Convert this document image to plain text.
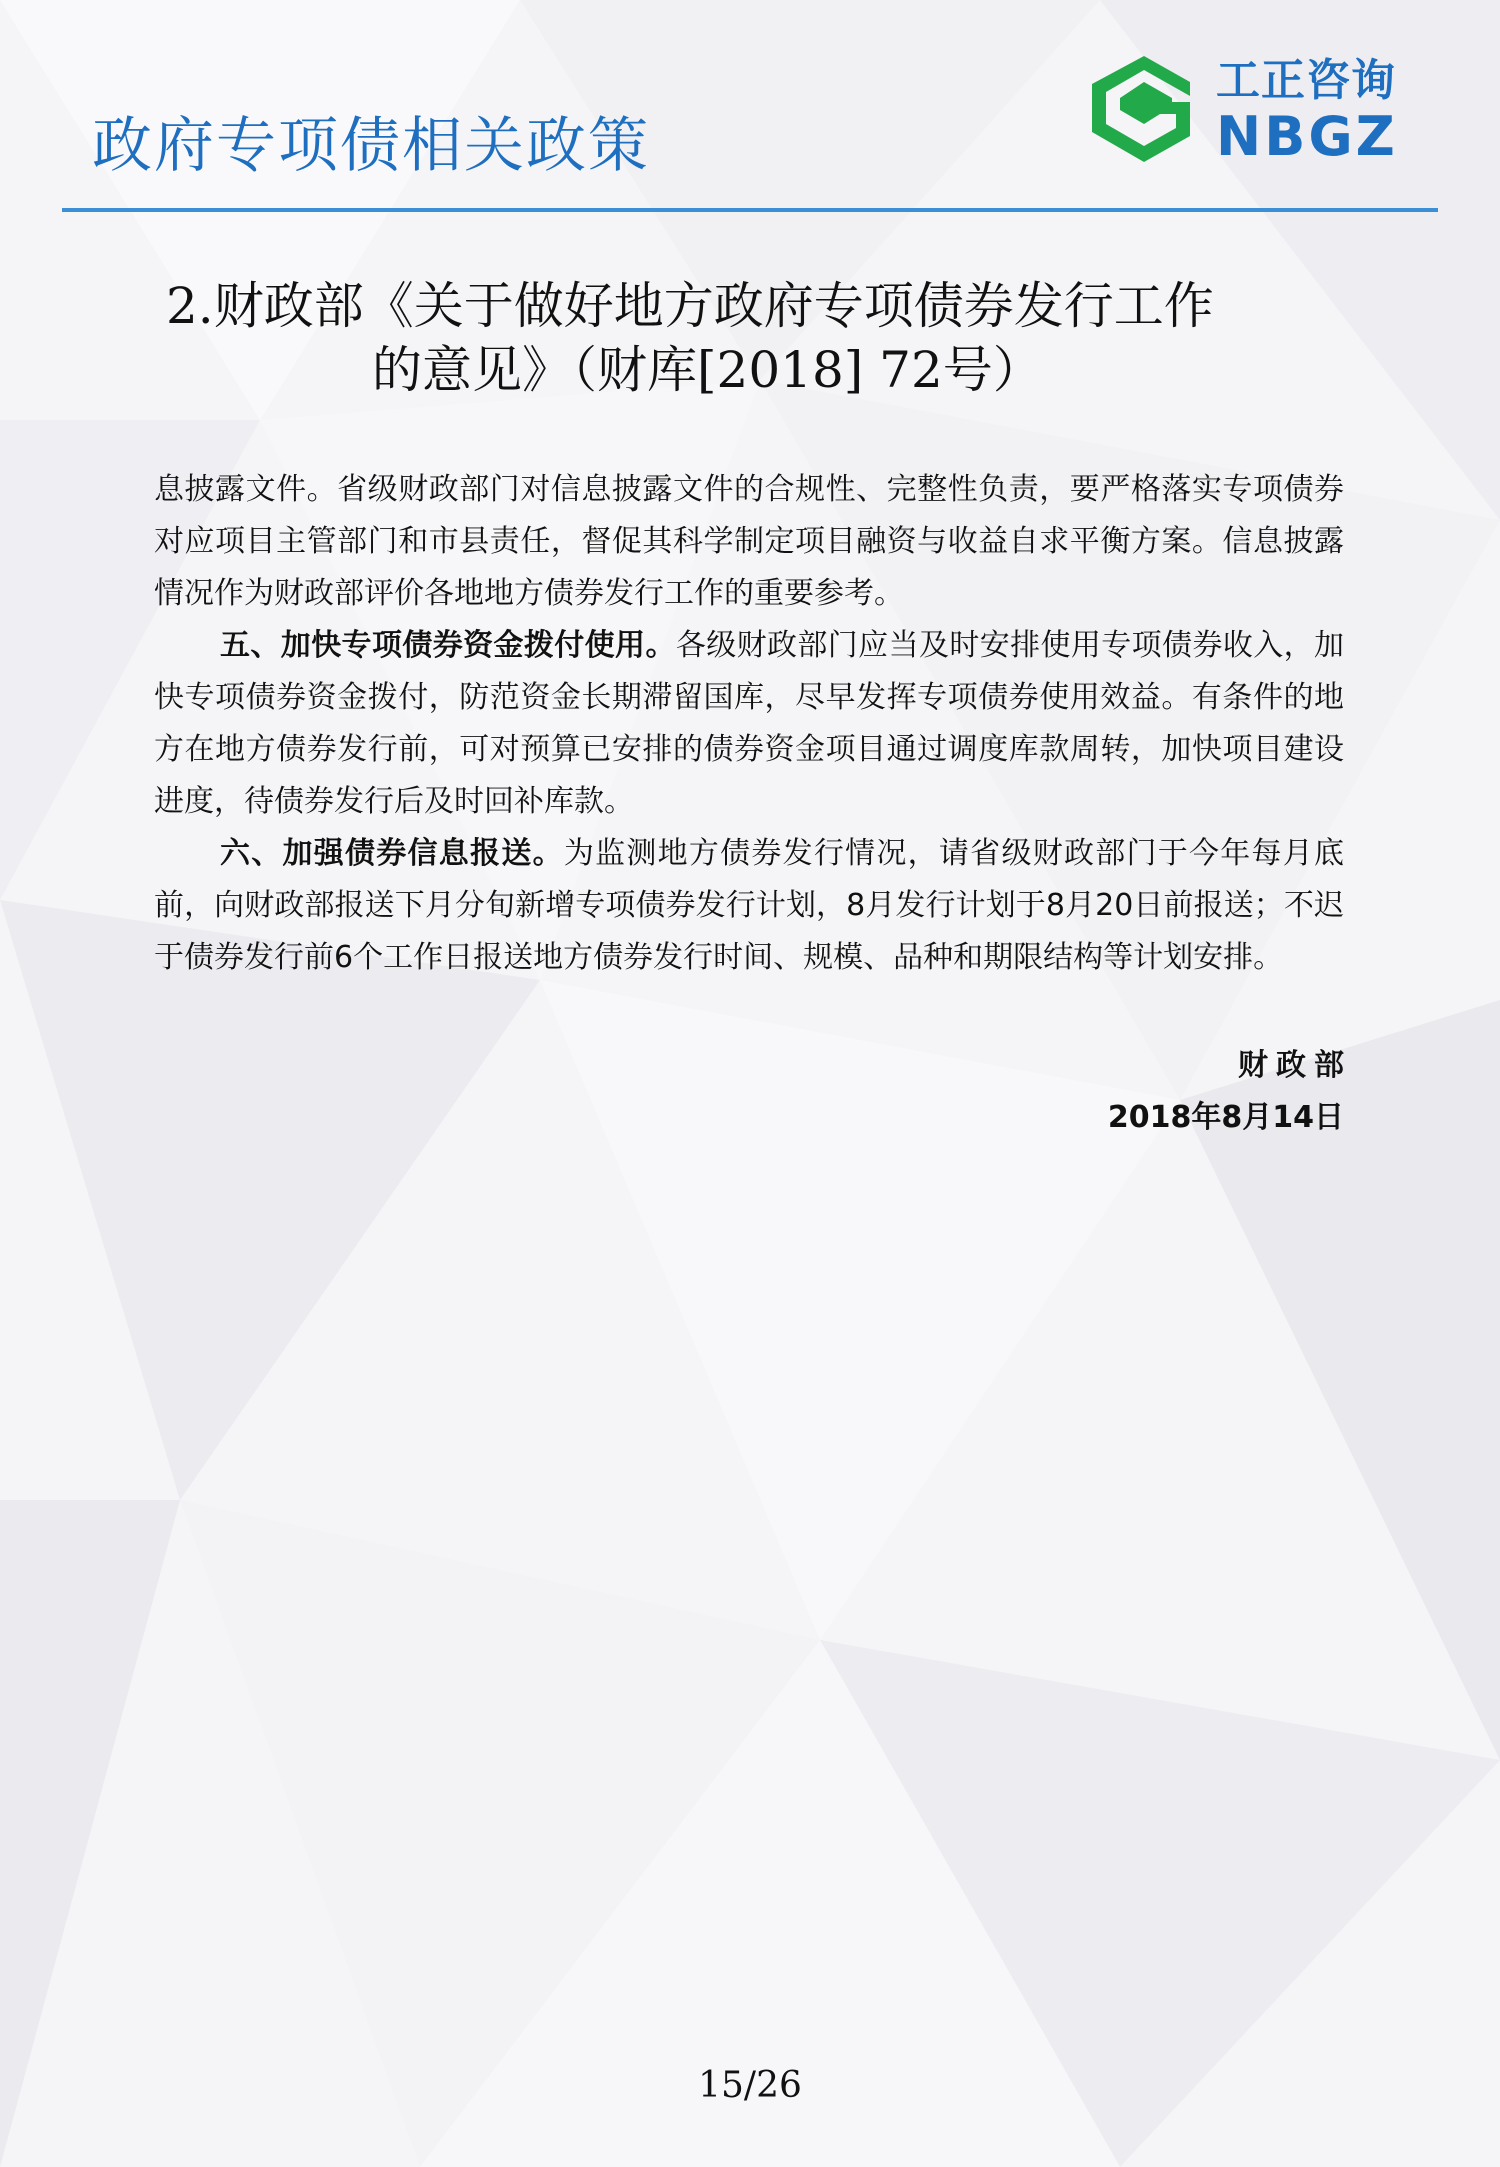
政府专项债相关政策
工正咨询
NBGZ
2.财政部《关于做好地方政府专项债券发行工作
的意见》（财库[2018] 72号）

息披露文件。省级财政部门对信息披露文件的合规性、完整性负责，要严格落实专项债券对应项目主管部门和市县责任，督促其科学制定项目融资与收益自求平衡方案。信息披露情况作为财政部评价各地地方债券发行工作的重要参考。

五、加快专项债券资金拨付使用。各级财政部门应当及时安排使用专项债券收入，加快专项债券资金拨付，防范资金长期滞留国库，尽早发挥专项债券使用效益。有条件的地方在地方债券发行前，可对预算已安排的债券资金项目通过调度库款周转，加快项目建设进度，待债券发行后及时回补库款。

六、加强债券信息报送。为监测地方债券发行情况，请省级财政部门于今年每月底前，向财政部报送下月分旬新增专项债券发行计划，8月发行计划于8月20日前报送；不迟于债券发行前6个工作日报送地方债券发行时间、规模、品种和期限结构等计划安排。

财政部
2018年8月14日
15/26
